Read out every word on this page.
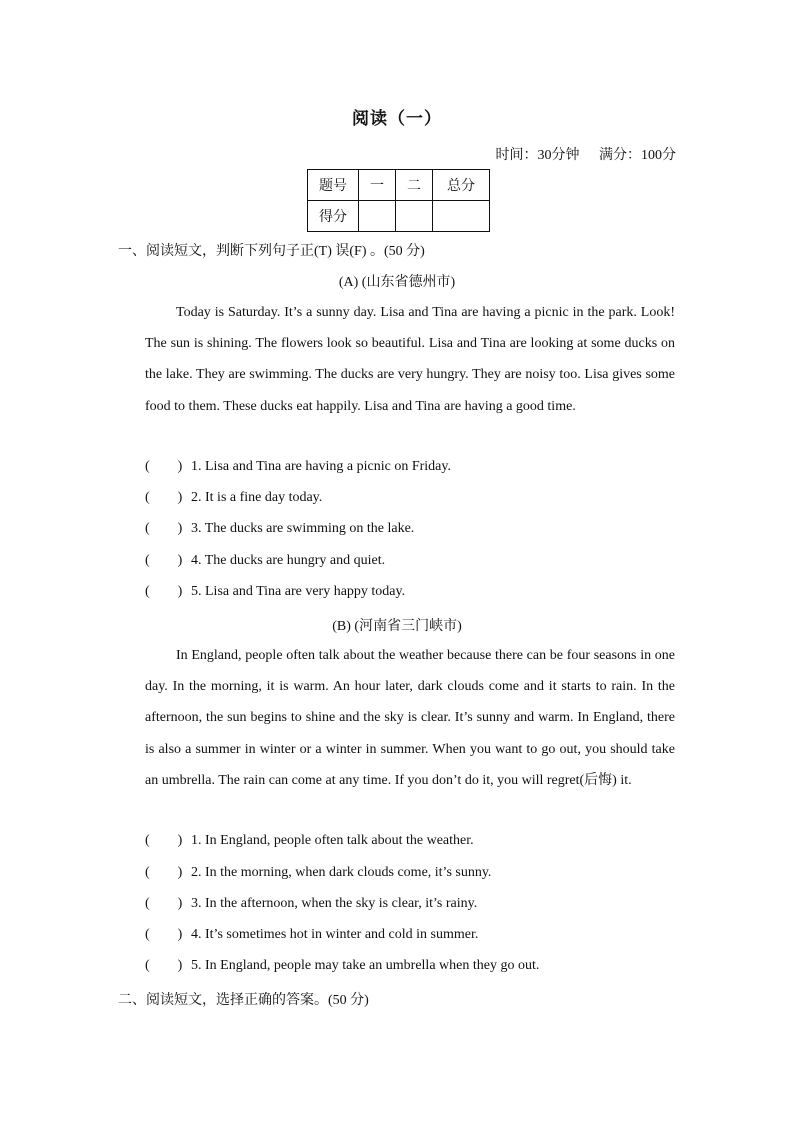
阅读（一）
时间：30分钟 满分：100分
题号	一	二	总分
得分			
一、阅读短文，判断下列句子正(T) 误(F) 。(50 分)
(A) (山东省德州市)
Today is Saturday. It’s a sunny day. Lisa and Tina are having a picnic in the park. Look! The sun is shining. The flowers look so beautiful. Lisa and Tina are looking at some ducks on the lake. They are swimming. The ducks are very hungry. They are noisy too. Lisa gives some food to them. These ducks eat happily. Lisa and Tina are having a good time.
(        ) 1. Lisa and Tina are having a picnic on Friday.
(        ) 2. It is a fine day today.
(        ) 3. The ducks are swimming on the lake.
(        ) 4. The ducks are hungry and quiet.
(        ) 5. Lisa and Tina are very happy today.
(B) (河南省三门峡市)
In England, people often talk about the weather because there can be four seasons in one day. In the morning, it is warm. An hour later, dark clouds come and it starts to rain. In the afternoon, the sun begins to shine and the sky is clear. It’s sunny and warm. In England, there is also a summer in winter or a winter in summer. When you want to go out, you should take an umbrella. The rain can come at any time. If you don’t do it, you will regret(后悔) it.
(        ) 1. In England, people often talk about the weather.
(        ) 2. In the morning, when dark clouds come, it’s sunny.
(        ) 3. In the afternoon, when the sky is clear, it’s rainy.
(        ) 4. It’s sometimes hot in winter and cold in summer.
(        ) 5. In England, people may take an umbrella when they go out.
二、阅读短文，选择正确的答案。(50 分)
